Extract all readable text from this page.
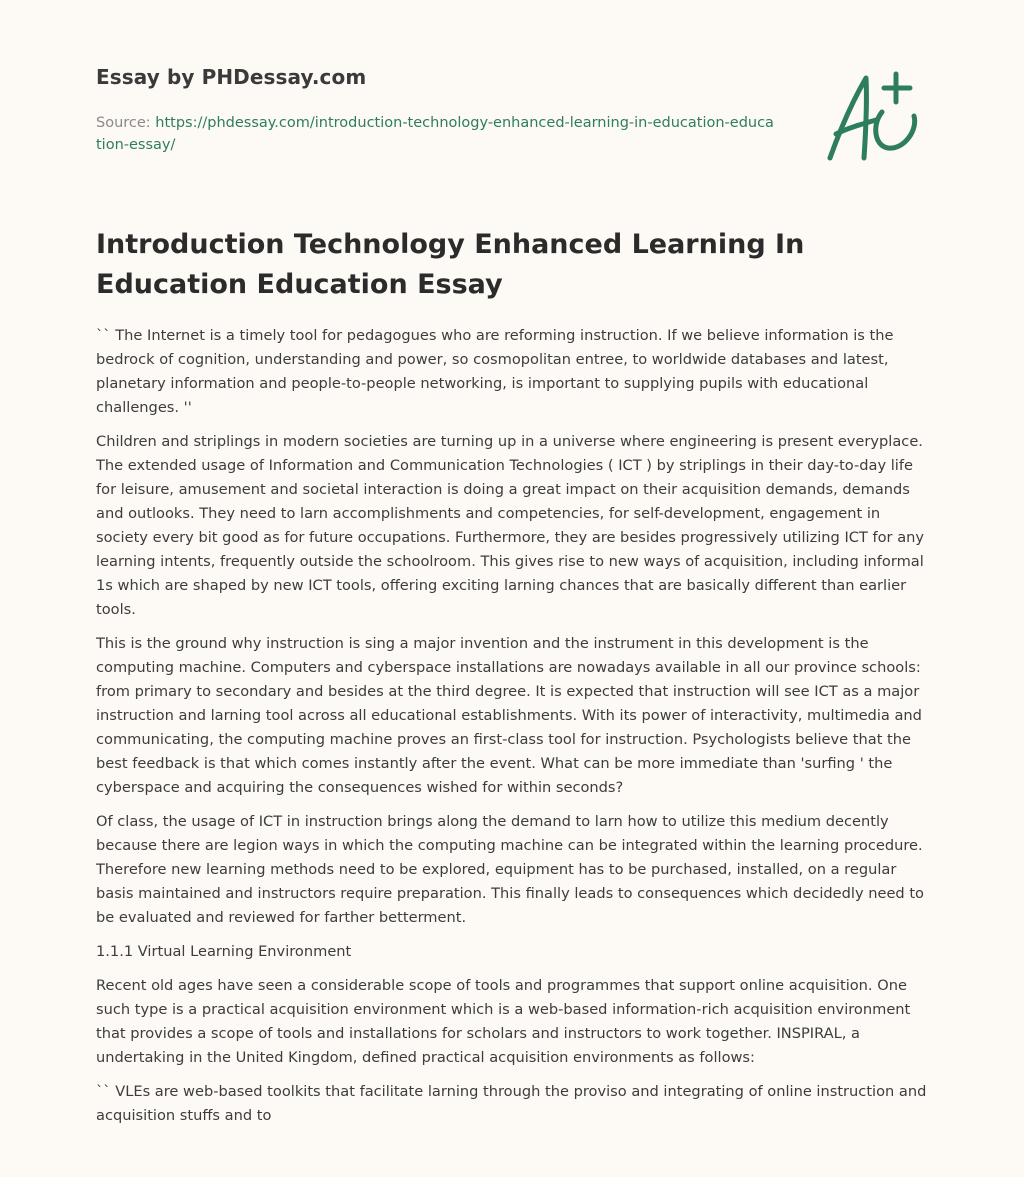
Essay by PHDessay.com
Source: https://phdessay.com/introduction-technology-enhanced-learning-in-education-education-essay/
Introduction Technology Enhanced Learning In Education Education Essay

`` The Internet is a timely tool for pedagogues who are reforming instruction. If we believe information is the bedrock of cognition, understanding and power, so cosmopolitan entree, to worldwide databases and latest, planetary information and people-to-people networking, is important to supplying pupils with educational challenges. ''

Children and striplings in modern societies are turning up in a universe where engineering is present everyplace. The extended usage of Information and Communication Technologies ( ICT ) by striplings in their day-to-day life for leisure, amusement and societal interaction is doing a great impact on their acquisition demands, demands and outlooks. They need to larn accomplishments and competencies, for self-development, engagement in society every bit good as for future occupations. Furthermore, they are besides progressively utilizing ICT for any learning intents, frequently outside the schoolroom. This gives rise to new ways of acquisition, including informal 1s which are shaped by new ICT tools, offering exciting larning chances that are basically different than earlier tools.

This is the ground why instruction is sing a major invention and the instrument in this development is the computing machine. Computers and cyberspace installations are nowadays available in all our province schools: from primary to secondary and besides at the third degree. It is expected that instruction will see ICT as a major instruction and larning tool across all educational establishments. With its power of interactivity, multimedia and communicating, the computing machine proves an first-class tool for instruction. Psychologists believe that the best feedback is that which comes instantly after the event. What can be more immediate than 'surfing ' the cyberspace and acquiring the consequences wished for within seconds?

Of class, the usage of ICT in instruction brings along the demand to larn how to utilize this medium decently because there are legion ways in which the computing machine can be integrated within the learning procedure. Therefore new learning methods need to be explored, equipment has to be purchased, installed, on a regular basis maintained and instructors require preparation. This finally leads to consequences which decidedly need to be evaluated and reviewed for farther betterment.

1.1.1 Virtual Learning Environment

Recent old ages have seen a considerable scope of tools and programmes that support online acquisition. One such type is a practical acquisition environment which is a web-based information-rich acquisition environment that provides a scope of tools and installations for scholars and instructors to work together. INSPIRAL, a undertaking in the United Kingdom, defined practical acquisition environments as follows:

`` VLEs are web-based toolkits that facilitate larning through the proviso and integrating of online instruction and acquisition stuffs and to
